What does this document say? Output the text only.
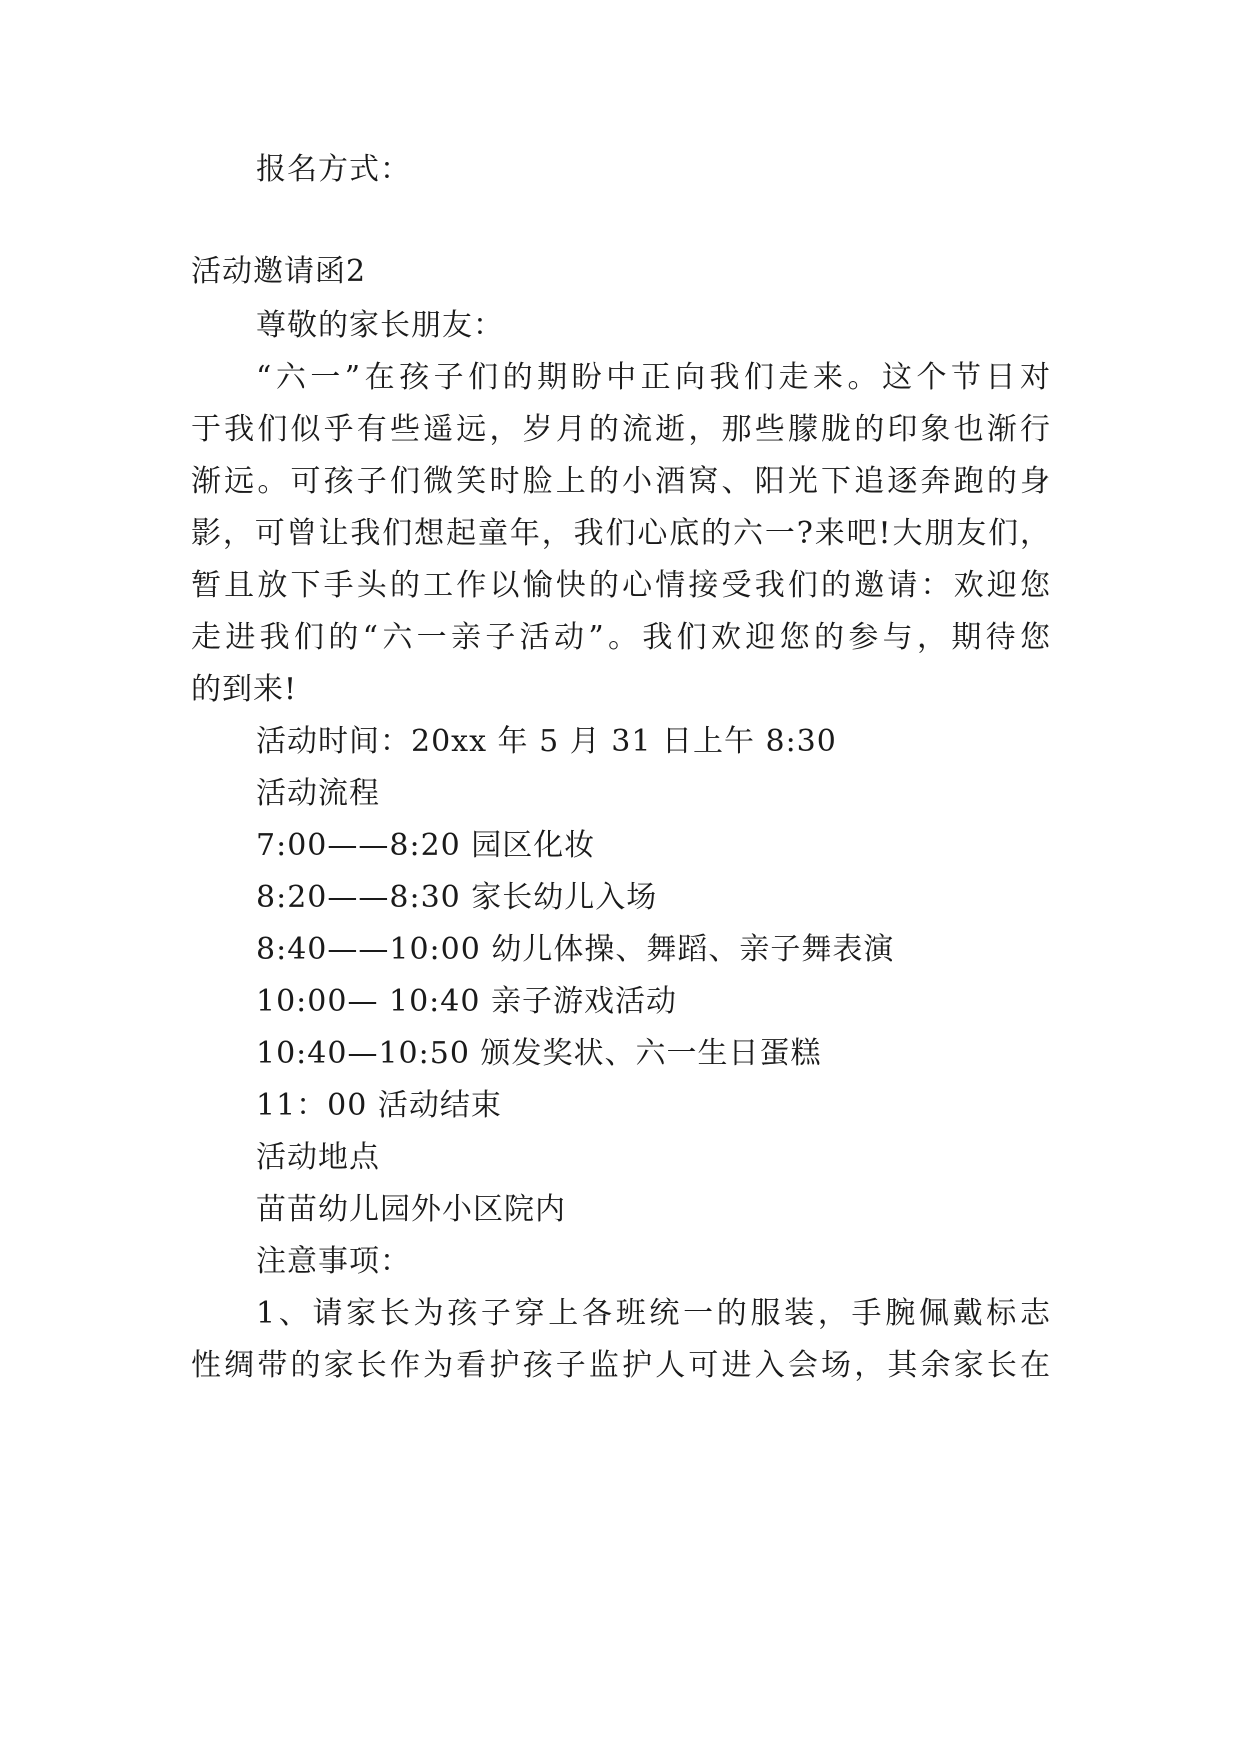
报名方式：
活动邀请函2
尊敬的家长朋友：
“六一”在孩子们的期盼中正向我们走来。这个节日对
于我们似乎有些遥远，岁月的流逝，那些朦胧的印象也渐行
渐远。可孩子们微笑时脸上的小酒窝、阳光下追逐奔跑的身
影，可曾让我们想起童年，我们心底的六一?来吧!大朋友们，
暂且放下手头的工作以愉快的心情接受我们的邀请：欢迎您
走进我们的“六一亲子活动”。我们欢迎您的参与，期待您
的到来!
活动时间：20xx 年 5 月 31 日上午 8:30
活动流程
7:00——8:20 园区化妆
8:20——8:30 家长幼儿入场
8:40——10:00 幼儿体操、舞蹈、亲子舞表演
10:00— 10:40 亲子游戏活动
10:40—10:50 颁发奖状、六一生日蛋糕
11：00 活动结束
活动地点
苗苗幼儿园外小区院内
注意事项：
1、请家长为孩子穿上各班统一的服装，手腕佩戴标志
性绸带的家长作为看护孩子监护人可进入会场，其余家长在
